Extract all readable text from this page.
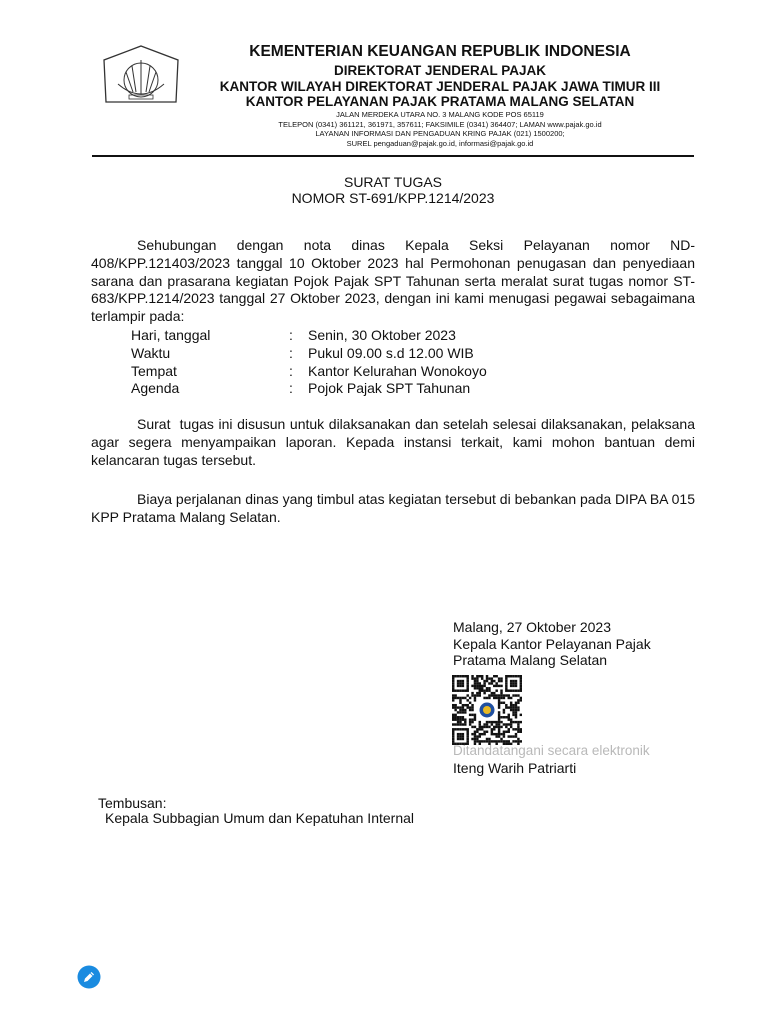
KEMENTERIAN KEUANGAN REPUBLIK INDONESIA
DIREKTORAT JENDERAL PAJAK
KANTOR WILAYAH DIREKTORAT JENDERAL PAJAK JAWA TIMUR III
KANTOR PELAYANAN PAJAK PRATAMA MALANG SELATAN
JALAN MERDEKA UTARA NO. 3 MALANG KODE POS 65119
TELEPON (0341) 361121, 361971, 357611; FAKSIMILE (0341) 364407; LAMAN www.pajak.go.id
LAYANAN INFORMASI DAN PENGADUAN KRING PAJAK (021) 1500200;
SUREL pengaduan@pajak.go.id, informasi@pajak.go.id
SURAT TUGAS
NOMOR ST-691/KPP.1214/2023

Sehubungan dengan nota dinas Kepala Seksi Pelayanan nomor ND-408/KPP.121403/2023 tanggal 10 Oktober 2023 hal Permohonan penugasan dan penyediaan sarana dan prasarana kegiatan Pojok Pajak SPT Tahunan serta meralat surat tugas nomor ST-683/KPP.1214/2023 tanggal 27 Oktober 2023, dengan ini kami menugasi pegawai sebagaimana terlampir pada:

Hari, tanggal	:	Senin, 30 Oktober 2023
Waktu	:	Pukul 09.00 s.d 12.00 WIB
Tempat	:	Kantor Kelurahan Wonokoyo
Agenda	:	Pojok Pajak SPT Tahunan

Surat  tugas ini disusun untuk dilaksanakan dan setelah selesai dilaksanakan, pelaksana agar segera menyampaikan laporan. Kepada instansi terkait, kami mohon bantuan demi kelancaran tugas tersebut.

Biaya perjalanan dinas yang timbul atas kegiatan tersebut di bebankan pada DIPA BA 015 KPP Pratama Malang Selatan.

Malang, 27 Oktober 2023
Kepala Kantor Pelayanan Pajak
Pratama Malang Selatan
Ditandatangani secara elektronik
Iteng Warih Patriarti
Tembusan:
Kepala Subbagian Umum dan Kepatuhan Internal
